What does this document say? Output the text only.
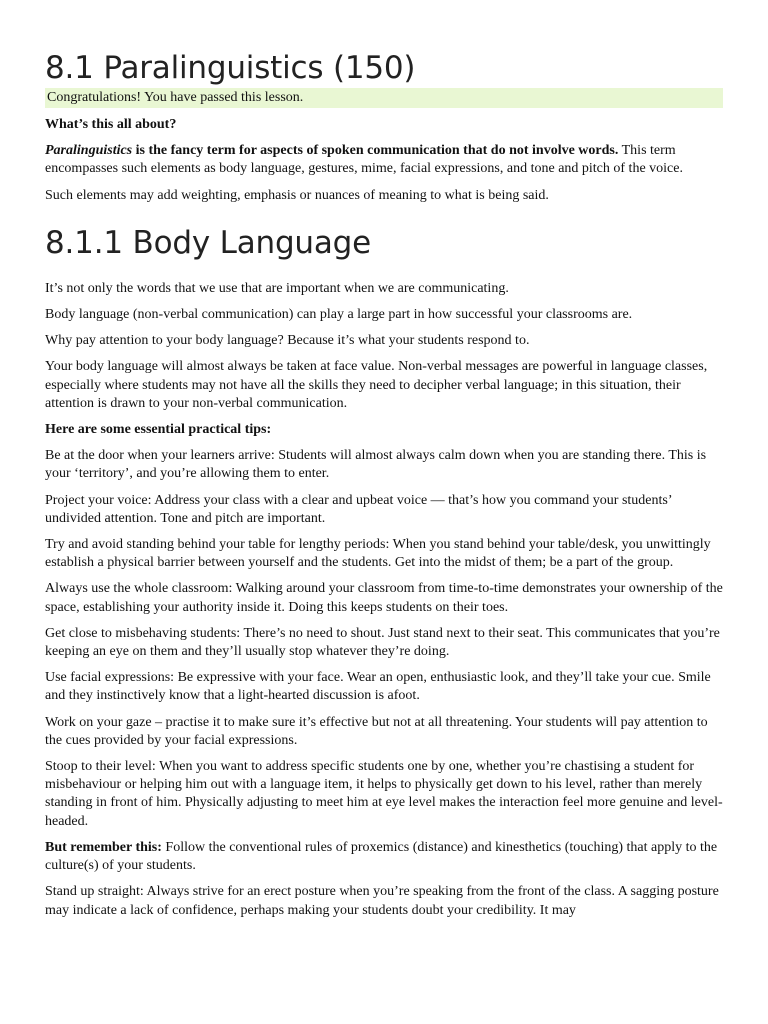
8.1 Paralinguistics (150)
Congratulations! You have passed this lesson.

What’s this all about?

Paralinguistics is the fancy term for aspects of spoken communication that do not involve words. This term encompasses such elements as body language, gestures, mime, facial expressions, and tone and pitch of the voice.

Such elements may add weighting, emphasis or nuances of meaning to what is being said.

8.1.1 Body Language

It’s not only the words that we use that are important when we are communicating.

Body language (non-verbal communication) can play a large part in how successful your classrooms are.

Why pay attention to your body language? Because it’s what your students respond to.

Your body language will almost always be taken at face value. Non-verbal messages are powerful in language classes, especially where students may not have all the skills they need to decipher verbal language; in this situation, their attention is drawn to your non-verbal communication.

Here are some essential practical tips:

Be at the door when your learners arrive: Students will almost always calm down when you are standing there. This is your ‘territory’, and you’re allowing them to enter.

Project your voice: Address your class with a clear and upbeat voice — that’s how you command your students’ undivided attention. Tone and pitch are important.

Try and avoid standing behind your table for lengthy periods: When you stand behind your table/desk, you unwittingly establish a physical barrier between yourself and the students. Get into the midst of them; be a part of the group.

Always use the whole classroom: Walking around your classroom from time-to-time demonstrates your ownership of the space, establishing your authority inside it. Doing this keeps students on their toes.

Get close to misbehaving students: There’s no need to shout. Just stand next to their seat. This communicates that you’re keeping an eye on them and they’ll usually stop whatever they’re doing.

Use facial expressions: Be expressive with your face. Wear an open, enthusiastic look, and they’ll take your cue. Smile and they instinctively know that a light-hearted discussion is afoot.

Work on your gaze – practise it to make sure it’s effective but not at all threatening. Your students will pay attention to the cues provided by your facial expressions.

Stoop to their level: When you want to address specific students one by one, whether you’re chastising a student for misbehaviour or helping him out with a language item, it helps to physically get down to his level, rather than merely standing in front of him. Physically adjusting to meet him at eye level makes the interaction feel more genuine and level-headed.

But remember this: Follow the conventional rules of proxemics (distance) and kinesthetics (touching) that apply to the culture(s) of your students.

Stand up straight: Always strive for an erect posture when you’re speaking from the front of the class. A sagging posture may indicate a lack of confidence, perhaps making your students doubt your credibility. It may
